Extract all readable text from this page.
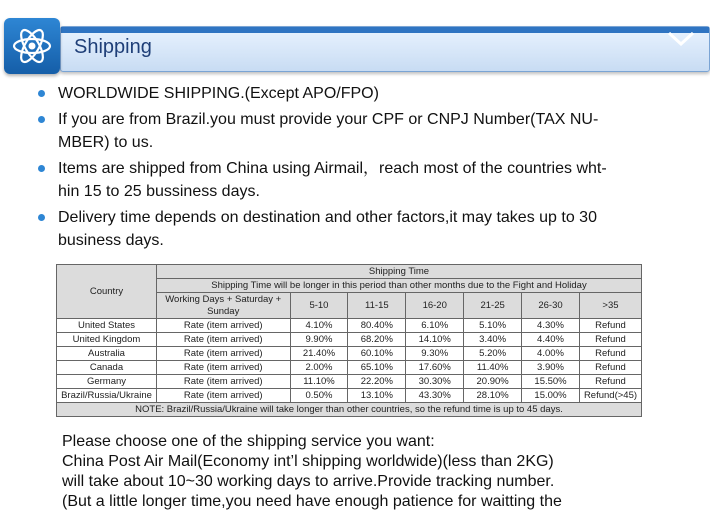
Shipping
WORLDWIDE SHIPPING.(Except APO/FPO)
If you are from Brazil.you must provide your CPF or CNPJ Number(TAX NU-
MBER) to us.
Items are shipped from China using Airmail，reach most of the countries wht-
hin 15 to 25 bussiness days.
Delivery time depends on destination and other factors,it may takes up to 30
business days.
Country	Shipping Time						
	Shipping Time will be longer in this period than other months due to the Fight and Holiday						
	Working Days + Saturday + Sunday	5-10	11-15	16-20	21-25	26-30	>35
United States	Rate (item arrived)	4.10%	80.40%	6.10%	5.10%	4.30%	Refund
United Kingdom	Rate (item arrived)	9.90%	68.20%	14.10%	3.40%	4.40%	Refund
Australia	Rate (item arrived)	21.40%	60.10%	9.30%	5.20%	4.00%	Refund
Canada	Rate (item arrived)	2.00%	65.10%	17.60%	11.40%	3.90%	Refund
Germany	Rate (item arrived)	11.10%	22.20%	30.30%	20.90%	15.50%	Refund
Brazil/Russia/Ukraine	Rate (item arrived)	0.50%	13.10%	43.30%	28.10%	15.00%	Refund(>45)
NOTE: Brazil/Russia/Ukraine will take longer than other countries, so the refund time is up to 45 days.							
Please choose one of the shipping service you want:
China Post Air Mail(Economy int’l shipping worldwide)(less than 2KG)
will take about 10~30 working days to arrive.Provide tracking number.
(But a little longer time,you need have enough patience for waitting the
